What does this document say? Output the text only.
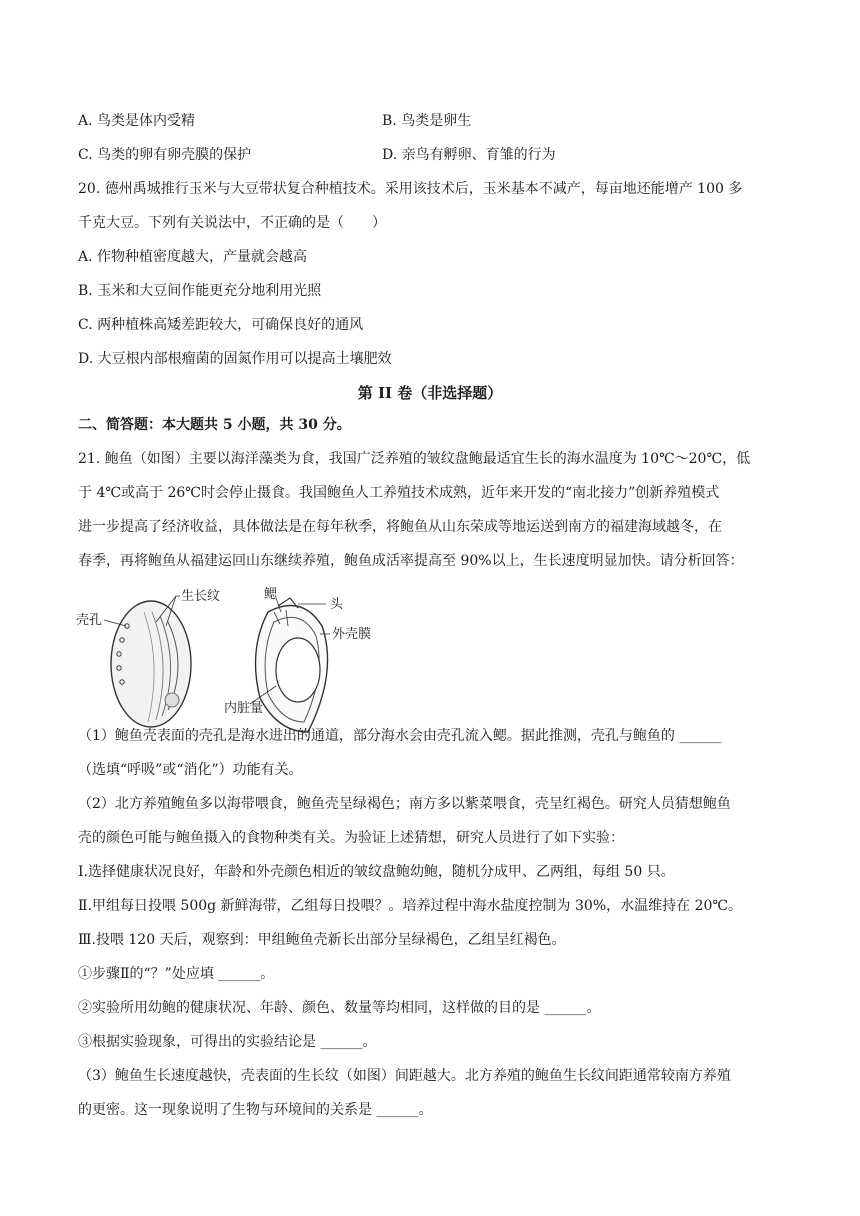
A. 鸟类是体内受精	B. 鸟类是卵生
C. 鸟类的卵有卵壳膜的保护	D. 亲鸟有孵卵、育雏的行为
20. 德州禹城推行玉米与大豆带状复合种植技术。采用该技术后，玉米基本不减产，每亩地还能增产 100 多
千克大豆。下列有关说法中，不正确的是（　　）
A. 作物种植密度越大，产量就会越高
B. 玉米和大豆间作能更充分地利用光照
C. 两种植株高矮差距较大，可确保良好的通风
D. 大豆根内部根瘤菌的固氮作用可以提高土壤肥效
第 II 卷（非选择题）
二、简答题：本大题共 5 小题，共 30 分。
21. 鲍鱼（如图）主要以海洋藻类为食，我国广泛养殖的皱纹盘鲍最适宜生长的海水温度为 10℃～20℃，低
于 4℃或高于 26℃时会停止摄食。我国鲍鱼人工养殖技术成熟，近年来开发的“南北接力”创新养殖模式
进一步提高了经济收益，具体做法是在每年秋季，将鲍鱼从山东荣成等地运送到南方的福建海域越冬，在
春季，再将鲍鱼从福建运回山东继续养殖，鲍鱼成活率提高至 90%以上，生长速度明显加快。请分析回答：
壳孔
生长纹	鳃
头
外壳膜
内脏量
（1）鲍鱼壳表面的壳孔是海水进出的通道，部分海水会由壳孔流入鳃。据此推测，壳孔与鲍鱼的 ______
（选填“呼吸”或“消化”）功能有关。
（2）北方养殖鲍鱼多以海带喂食，鲍鱼壳呈绿褐色；南方多以紫菜喂食，壳呈红褐色。研究人员猜想鲍鱼
壳的颜色可能与鲍鱼摄入的食物种类有关。为验证上述猜想，研究人员进行了如下实验：
Ⅰ.选择健康状况良好，年龄和外壳颜色相近的皱纹盘鲍幼鲍，随机分成甲、乙两组，每组 50 只。
Ⅱ.甲组每日投喂 500g 新鲜海带，乙组每日投喂？。培养过程中海水盐度控制为 30%，水温维持在 20℃。
Ⅲ.投喂 120 天后，观察到：甲组鲍鱼壳新长出部分呈绿褐色，乙组呈红褐色。
①步骤Ⅱ的“？”处应填 ______。
②实验所用幼鲍的健康状况、年龄、颜色、数量等均相同，这样做的目的是 ______。
③根据实验现象，可得出的实验结论是 ______。
（3）鲍鱼生长速度越快，壳表面的生长纹（如图）间距越大。北方养殖的鲍鱼生长纹间距通常较南方养殖
的更密。这一现象说明了生物与环境间的关系是 ______。
